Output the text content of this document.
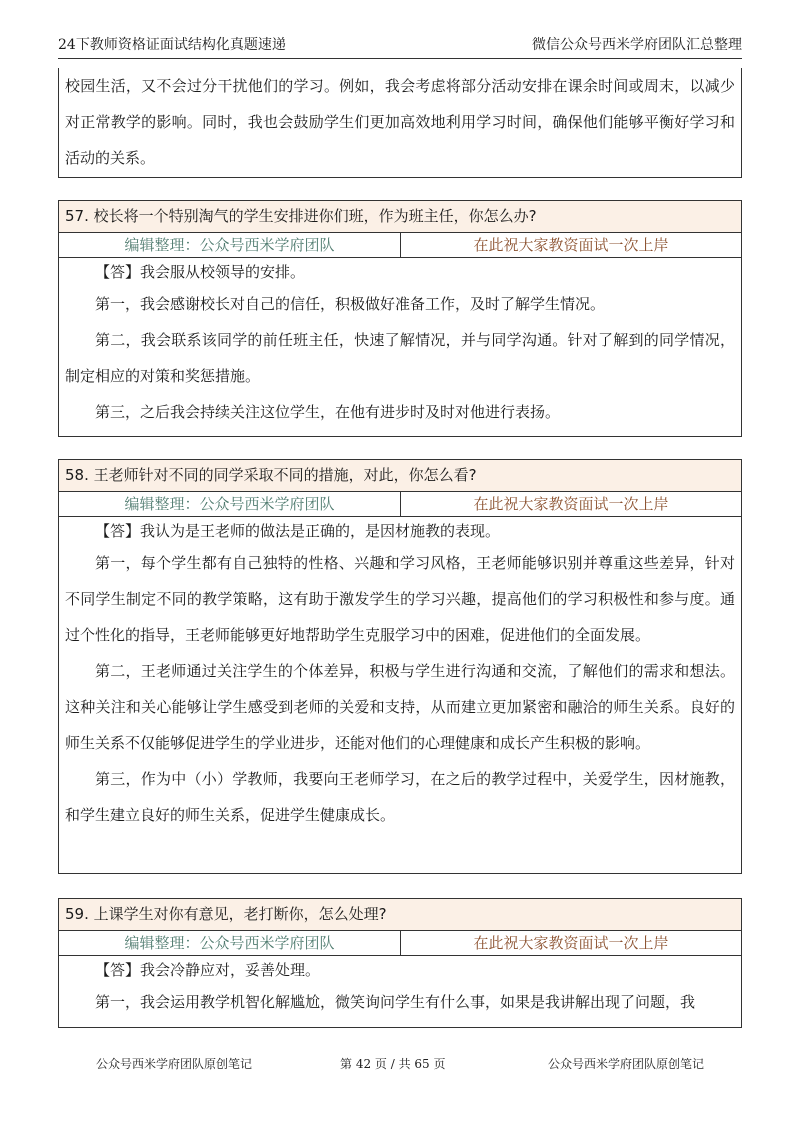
24下教师资格证面试结构化真题速递	微信公众号西米学府团队汇总整理

校园生活，又不会过分干扰他们的学习。例如，我会考虑将部分活动安排在课余时间或周末，以减少对正常教学的影响。同时，我也会鼓励学生们更加高效地利用学习时间，确保他们能够平衡好学习和活动的关系。

57. 校长将一个特别淘气的学生安排进你们班，作为班主任，你怎么办?
编辑整理：公众号西米学府团队	在此祝大家教资面试一次上岸

【答】我会服从校领导的安排。

第一，我会感谢校长对自己的信任，积极做好准备工作，及时了解学生情况。

第二，我会联系该同学的前任班主任，快速了解情况，并与同学沟通。针对了解到的同学情况，制定相应的对策和奖惩措施。

第三，之后我会持续关注这位学生，在他有进步时及时对他进行表扬。

58. 王老师针对不同的同学采取不同的措施，对此，你怎么看?
编辑整理：公众号西米学府团队	在此祝大家教资面试一次上岸

【答】我认为是王老师的做法是正确的，是因材施教的表现。

第一，每个学生都有自己独特的性格、兴趣和学习风格，王老师能够识别并尊重这些差异，针对不同学生制定不同的教学策略，这有助于激发学生的学习兴趣，提高他们的学习积极性和参与度。通过个性化的指导，王老师能够更好地帮助学生克服学习中的困难，促进他们的全面发展。

第二，王老师通过关注学生的个体差异，积极与学生进行沟通和交流，了解他们的需求和想法。这种关注和关心能够让学生感受到老师的关爱和支持，从而建立更加紧密和融洽的师生关系。良好的师生关系不仅能够促进学生的学业进步，还能对他们的心理健康和成长产生积极的影响。

第三，作为中（小）学教师，我要向王老师学习，在之后的教学过程中，关爱学生，因材施教，和学生建立良好的师生关系，促进学生健康成长。

59. 上课学生对你有意见，老打断你，怎么处理?
编辑整理：公众号西米学府团队	在此祝大家教资面试一次上岸

【答】我会冷静应对，妥善处理。

第一，我会运用教学机智化解尴尬，微笑询问学生有什么事，如果是我讲解出现了问题，我

公众号西米学府团队原创笔记	第 42 页 / 共 65 页	公众号西米学府团队原创笔记
